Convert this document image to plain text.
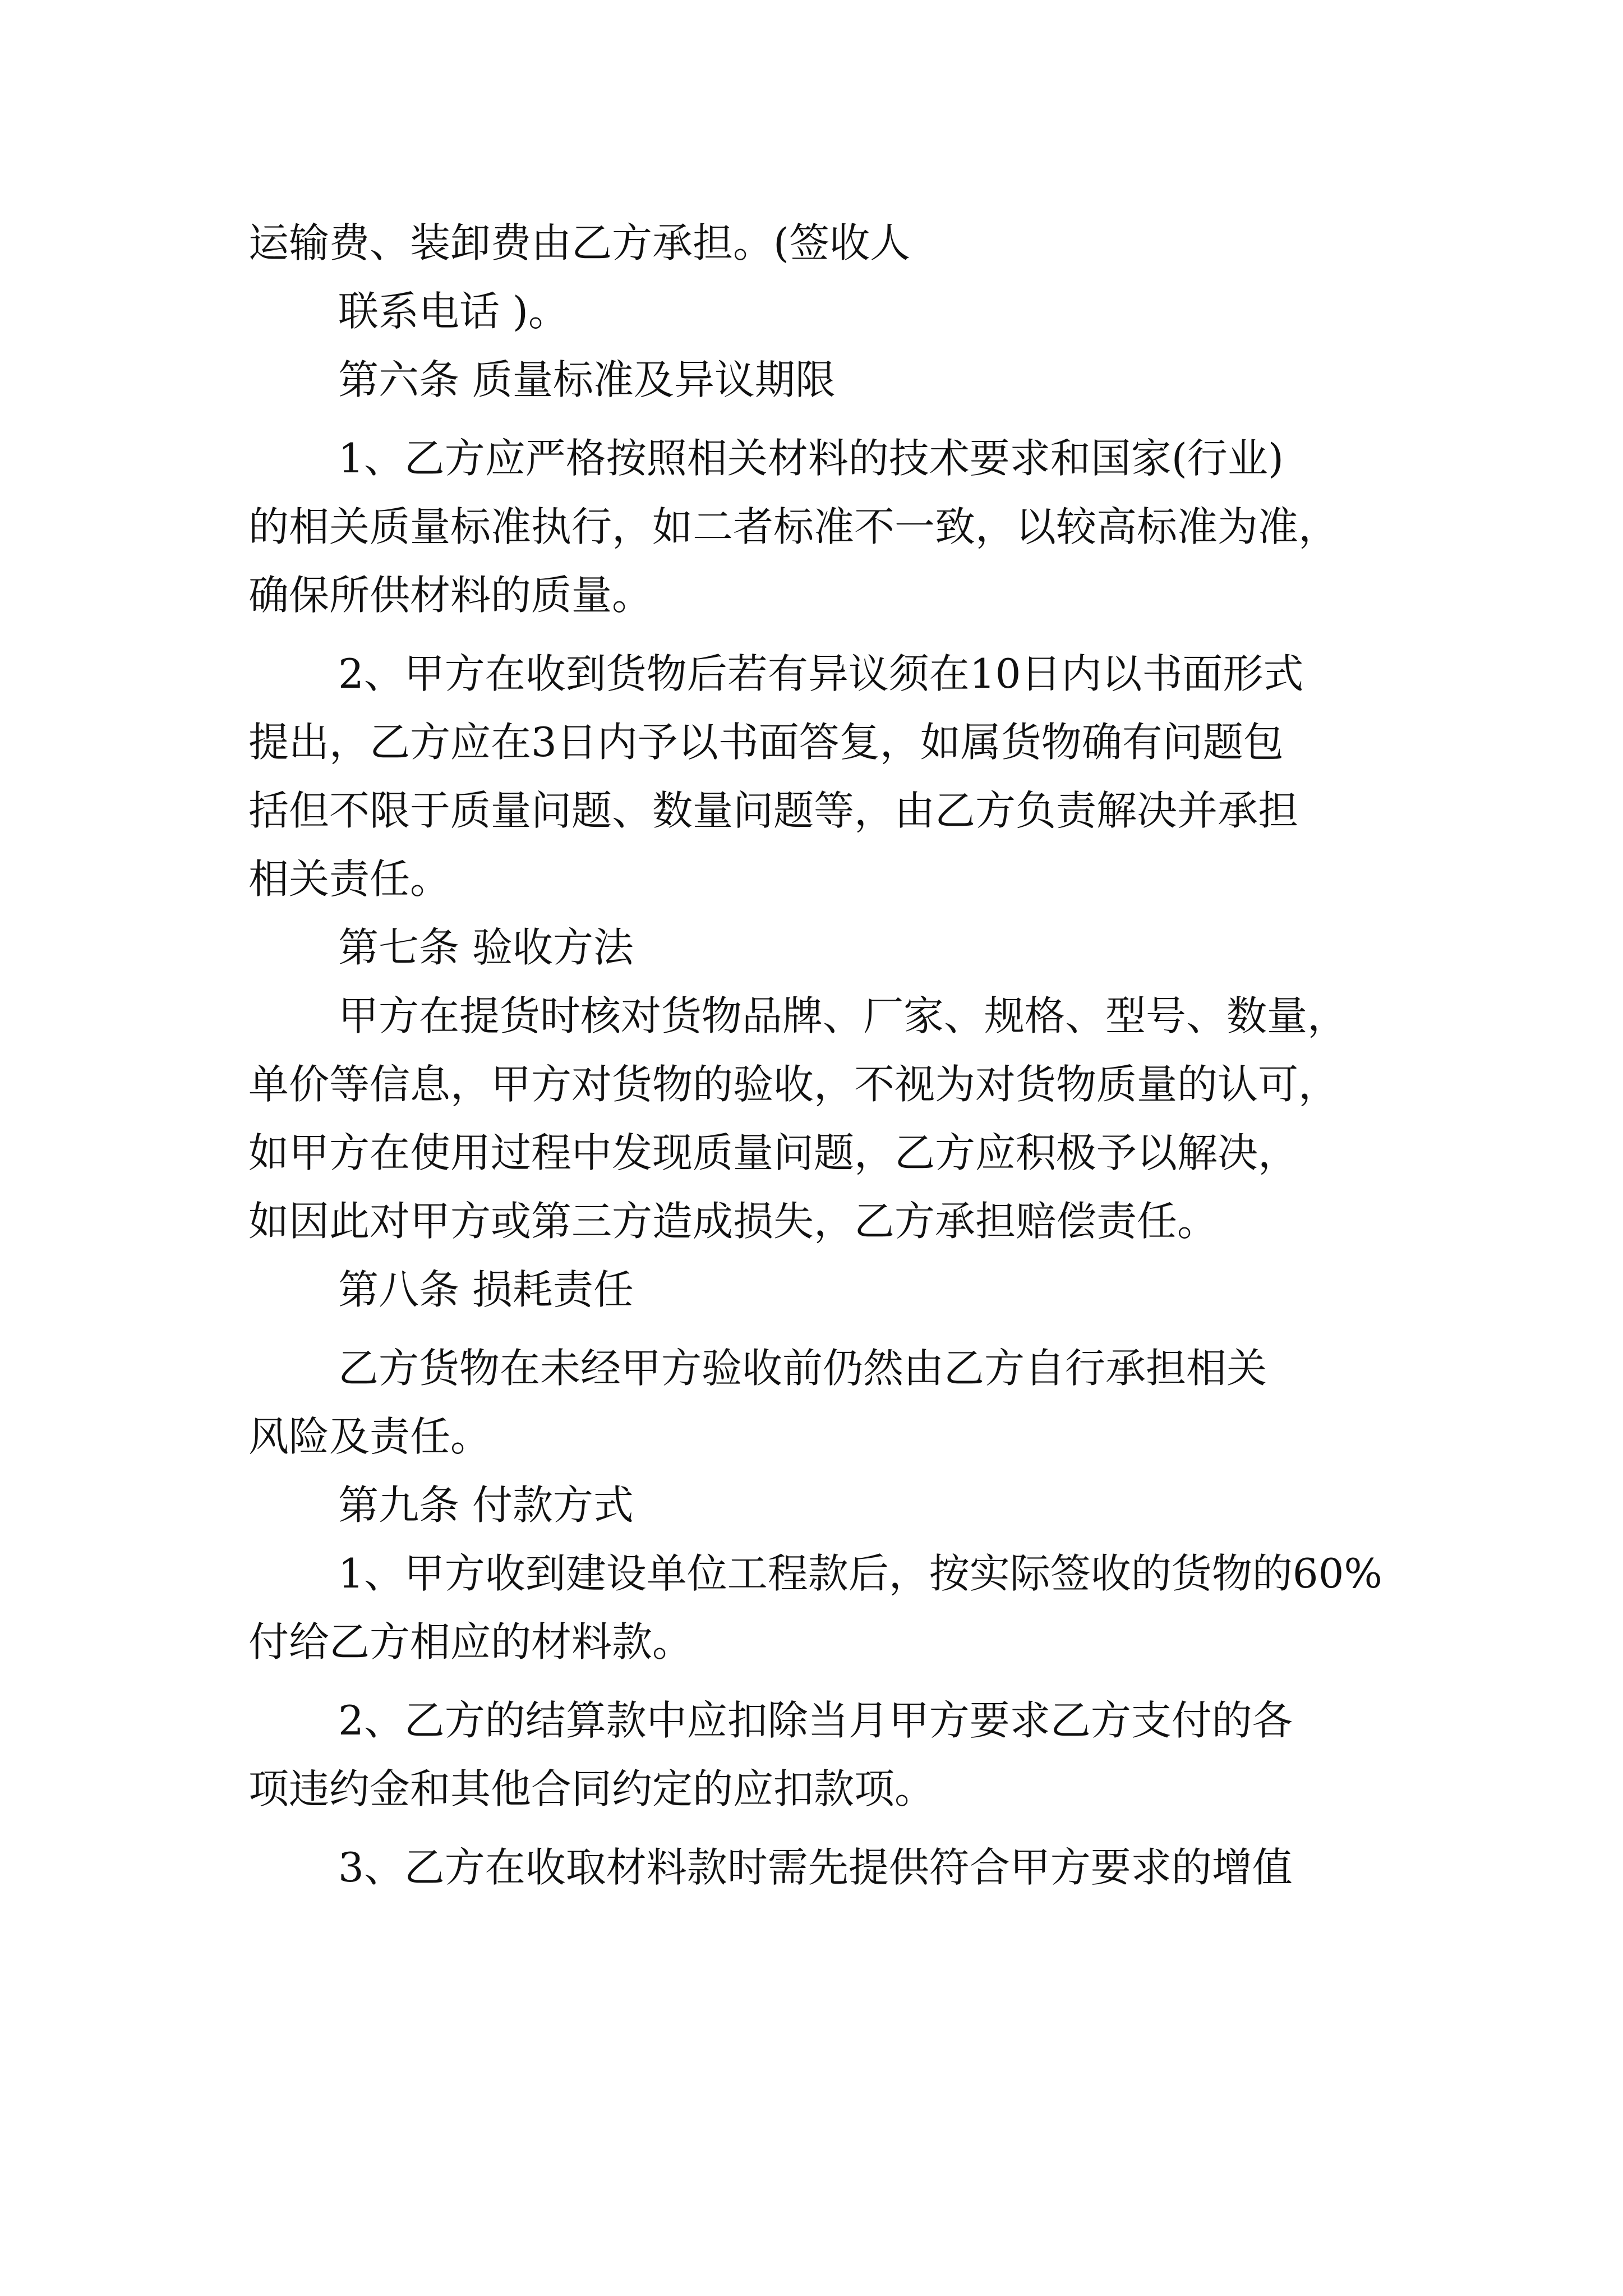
运输费、装卸费由乙方承担。(签收人
联系电话 )。
第六条 质量标准及异议期限
1、乙方应严格按照相关材料的技术要求和国家(行业)
的相关质量标准执行，如二者标准不一致，以较高标准为准，
确保所供材料的质量。
2、甲方在收到货物后若有异议须在10日内以书面形式
提出，乙方应在3日内予以书面答复，如属货物确有问题包
括但不限于质量问题、数量问题等，由乙方负责解决并承担
相关责任。
第七条 验收方法
甲方在提货时核对货物品牌、厂家、规格、型号、数量，
单价等信息，甲方对货物的验收，不视为对货物质量的认可，
如甲方在使用过程中发现质量问题，乙方应积极予以解决，
如因此对甲方或第三方造成损失，乙方承担赔偿责任。
第八条 损耗责任
乙方货物在未经甲方验收前仍然由乙方自行承担相关
风险及责任。
第九条 付款方式
1、甲方收到建设单位工程款后，按实际签收的货物的60%
付给乙方相应的材料款。
2、乙方的结算款中应扣除当月甲方要求乙方支付的各
项违约金和其他合同约定的应扣款项。
3、乙方在收取材料款时需先提供符合甲方要求的增值
